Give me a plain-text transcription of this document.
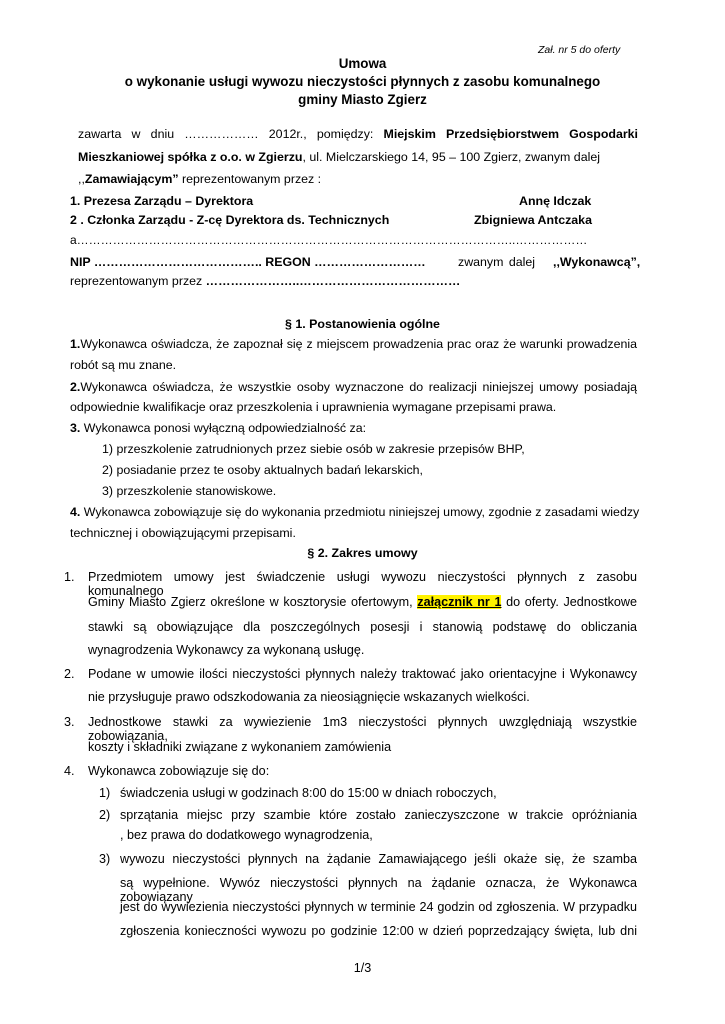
Zał. nr 5 do oferty
Umowa
o wykonanie usługi wywozu nieczystości płynnych z zasobu komunalnego
gminy Miasto Zgierz
zawarta w dniu ……………… 2012r., pomiędzy: Miejskim Przedsiębiorstwem Gospodarki
Mieszkaniowej spółka z o.o. w Zgierzu, ul. Mielczarskiego 14, 95 – 100 Zgierz, zwanym dalej
,,Zamawiającym” reprezentowanym przez :
1. Prezesa Zarządu – Dyrektora	Annę Idczak
2 . Członka Zarządu - Z-cę Dyrektora ds. Technicznych	Zbigniewa Antczaka
a………………………………………………………………………………………………..………………
NIP ………………………………….. REGON ………………………	zwanym dalej ,,Wykonawcą”,
reprezentowanym przez …………………..…………………………………
§ 1. Postanowienia ogólne
1.Wykonawca oświadcza, że zapoznał się z miejscem prowadzenia prac oraz że warunki prowadzenia
robót są mu znane.
2.Wykonawca oświadcza, że wszystkie osoby wyznaczone do realizacji niniejszej umowy posiadają
odpowiednie kwalifikacje oraz przeszkolenia i uprawnienia wymagane przepisami prawa.
3. Wykonawca ponosi wyłączną odpowiedzialność za:
1) przeszkolenie zatrudnionych przez siebie osób w zakresie przepisów BHP,
2) posiadanie przez te osoby aktualnych badań lekarskich,
3) przeszkolenie stanowiskowe.
4. Wykonawca zobowiązuje się do wykonania przedmiotu niniejszej umowy, zgodnie z zasadami wiedzy
technicznej i obowiązującymi przepisami.
§ 2. Zakres umowy
1. Przedmiotem umowy jest świadczenie usługi wywozu nieczystości płynnych z zasobu komunalnego
Gminy Miasto Zgierz określone w kosztorysie ofertowym, załącznik nr 1 do oferty. Jednostkowe
stawki są obowiązujące dla poszczególnych posesji i stanowią podstawę do obliczania
wynagrodzenia Wykonawcy za wykonaną usługę.
2. Podane w umowie ilości nieczystości płynnych należy traktować jako orientacyjne i Wykonawcy
nie przysługuje prawo odszkodowania za nieosiągnięcie wskazanych wielkości.
3. Jednostkowe stawki za wywiezienie 1m3 nieczystości płynnych uwzględniają wszystkie zobowiązania,
koszty i składniki związane z wykonaniem zamówienia
4. Wykonawca zobowiązuje się do:
1) świadczenia usługi w godzinach 8:00 do 15:00 w dniach roboczych,
2) sprzątania miejsc przy szambie które zostało zanieczyszczone w trakcie opróżniania
, bez prawa do dodatkowego wynagrodzenia,
3) wywozu nieczystości płynnych na żądanie Zamawiającego jeśli okaże się, że szamba
są wypełnione. Wywóz nieczystości płynnych na żądanie oznacza, że Wykonawca zobowiązany
jest do wywiezienia nieczystości płynnych w terminie 24 godzin od zgłoszenia. W przypadku
zgłoszenia konieczności wywozu po godzinie 12:00 w dzień poprzedzający święta, lub dni
1/3
